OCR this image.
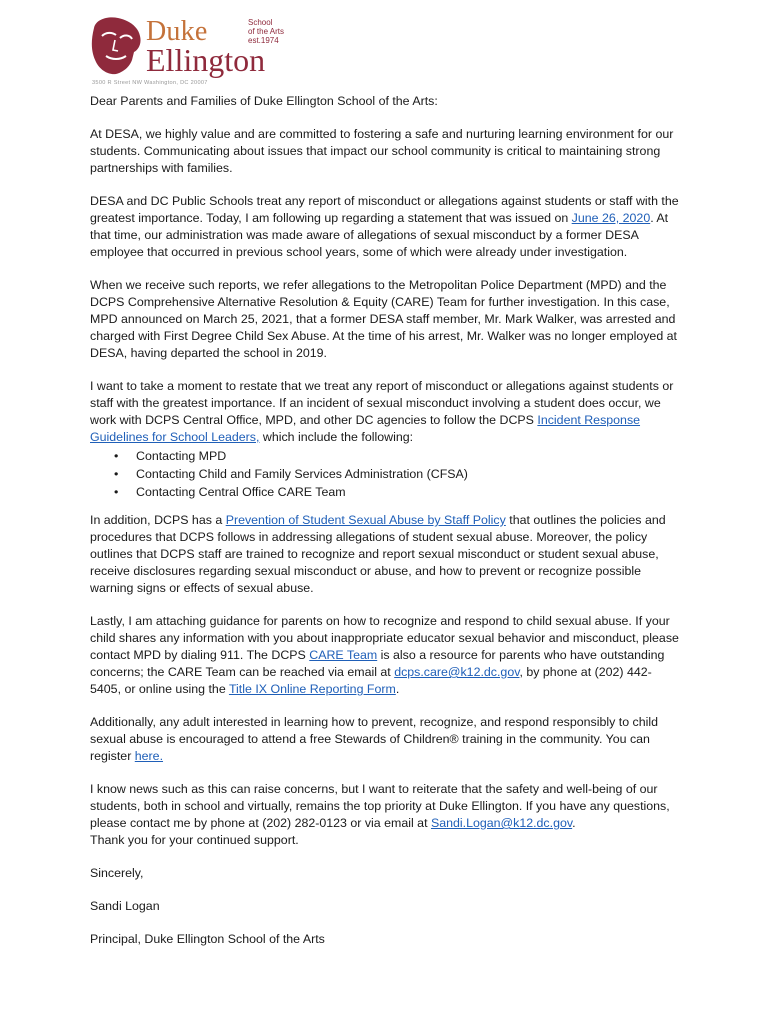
Duke
Ellington
School
of the Arts
est.1974
3500 R Street NW Washington, DC 20007

Dear Parents and Families of Duke Ellington School of the Arts:

At DESA, we highly value and are committed to fostering a safe and nurturing learning environment for our students. Communicating about issues that impact our school community is critical to maintaining strong partnerships with families.

DESA and DC Public Schools treat any report of misconduct or allegations against students or staff with the greatest importance. Today, I am following up regarding a statement that was issued on June 26, 2020. At that time, our administration was made aware of allegations of sexual misconduct by a former DESA employee that occurred in previous school years, some of which were already under investigation.

When we receive such reports, we refer allegations to the Metropolitan Police Department (MPD) and the DCPS Comprehensive Alternative Resolution & Equity (CARE) Team for further investigation. In this case, MPD announced on March 25, 2021, that a former DESA staff member, Mr. Mark Walker, was arrested and charged with First Degree Child Sex Abuse. At the time of his arrest, Mr. Walker was no longer employed at DESA, having departed the school in 2019.

I want to take a moment to restate that we treat any report of misconduct or allegations against students or staff with the greatest importance. If an incident of sexual misconduct involving a student does occur, we work with DCPS Central Office, MPD, and other DC agencies to follow the DCPS Incident Response Guidelines for School Leaders, which include the following:

• Contacting MPD
• Contacting Child and Family Services Administration (CFSA)
• Contacting Central Office CARE Team

In addition, DCPS has a Prevention of Student Sexual Abuse by Staff Policy that outlines the policies and procedures that DCPS follows in addressing allegations of student sexual abuse. Moreover, the policy outlines that DCPS staff are trained to recognize and report sexual misconduct or student sexual abuse, receive disclosures regarding sexual misconduct or abuse, and how to prevent or recognize possible warning signs or effects of sexual abuse.

Lastly, I am attaching guidance for parents on how to recognize and respond to child sexual abuse. If your child shares any information with you about inappropriate educator sexual behavior and misconduct, please contact MPD by dialing 911. The DCPS CARE Team is also a resource for parents who have outstanding concerns; the CARE Team can be reached via email at dcps.care@k12.dc.gov, by phone at (202) 442-5405, or online using the Title IX Online Reporting Form.

Additionally, any adult interested in learning how to prevent, recognize, and respond responsibly to child sexual abuse is encouraged to attend a free Stewards of Children® training in the community. You can register here.

I know news such as this can raise concerns, but I want to reiterate that the safety and well-being of our students, both in school and virtually, remains the top priority at Duke Ellington. If you have any questions, please contact me by phone at (202) 282-0123 or via email at Sandi.Logan@k12.dc.gov.
Thank you for your continued support.

Sincerely,

Sandi Logan

Principal, Duke Ellington School of the Arts
